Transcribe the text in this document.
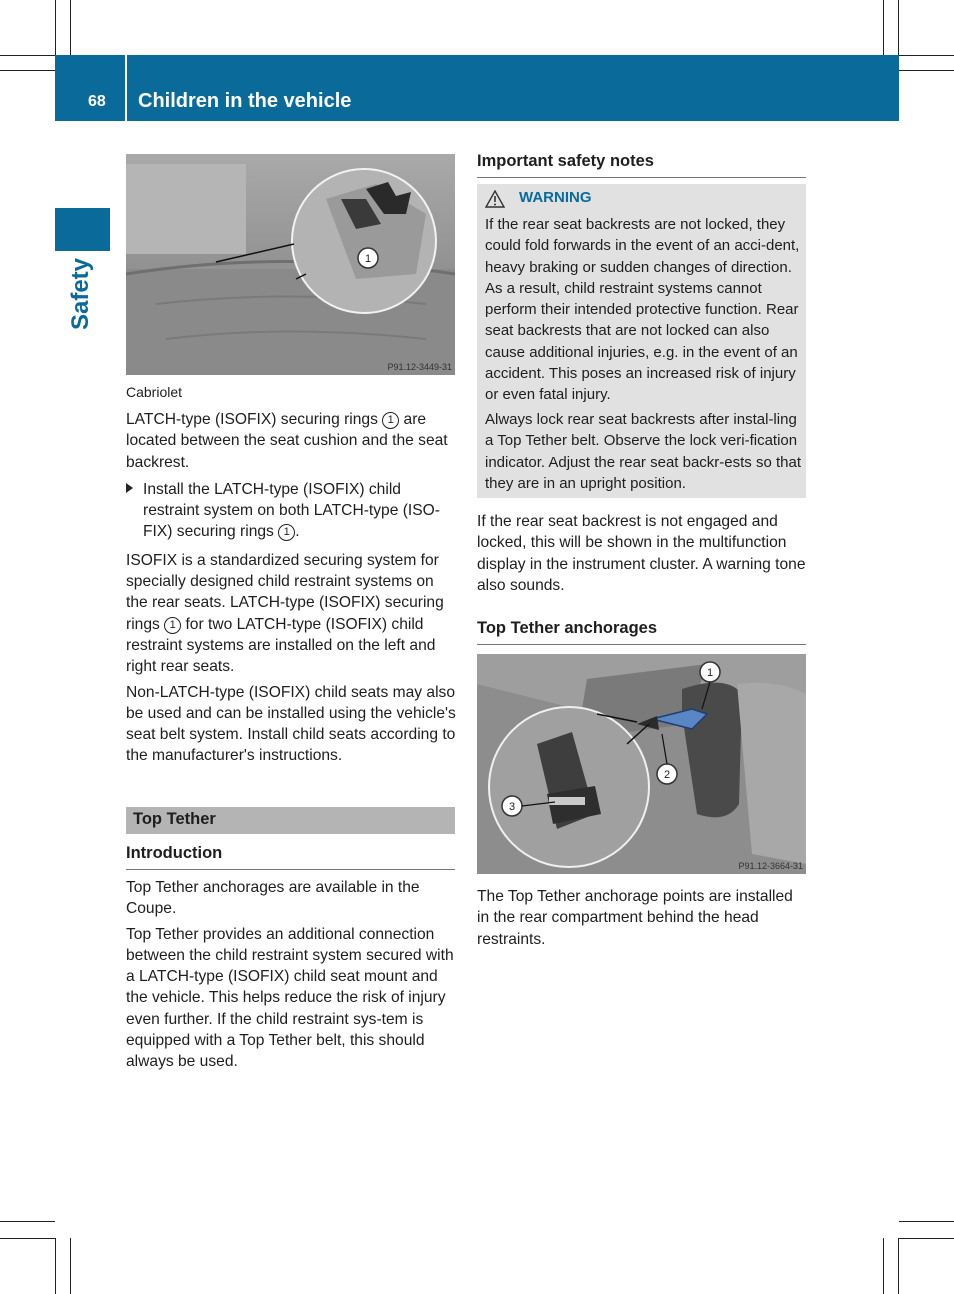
68 Children in the vehicle
Safety	1
P91.12-3449-31
Cabriolet

LATCH-type (ISOFIX) securing rings 1 are located between the seat cushion and the seat backrest.

Install the LATCH-type (ISOFIX) child restraint system on both LATCH-type (ISO-FIX) securing rings 1 .

ISOFIX is a standardized securing system for specially designed child restraint systems on the rear seats. LATCH-type (ISOFIX) securing rings 1 for two LATCH-type (ISOFIX) child restraint systems are installed on the left and right rear seats.

Non-LATCH-type (ISOFIX) child seats may also be used and can be installed using the vehicle's seat belt system. Install child seats according to the manufacturer's instructions.

Top Tether
Introduction

Top Tether anchorages are available in the Coupe.

Top Tether provides an additional connection between the child restraint system secured with a LATCH-type (ISOFIX) child seat mount and the vehicle. This helps reduce the risk of injury even further. If the child restraint sys-tem is equipped with a Top Tether belt, this should always be used.

Important safety notes
WARNING
If the rear seat backrests are not locked, they could fold forwards in the event of an acci-dent, heavy braking or sudden changes of direction. As a result, child restraint systems cannot perform their intended protective function. Rear seat backrests that are not locked can also cause additional injuries, e.g. in the event of an accident. This poses an increased risk of injury or even fatal injury.
Always lock rear seat backrests after instal-ling a Top Tether belt. Observe the lock veri-fication indicator. Adjust the rear seat backr-ests so that they are in an upright position.
If the rear seat backrest is not engaged and locked, this will be shown in the multifunction display in the instrument cluster. A warning tone also sounds.
Top Tether anchorages
1
2
3
P91.12-3664-31
The Top Tether anchorage points are installed in the rear compartment behind the head restraints.
